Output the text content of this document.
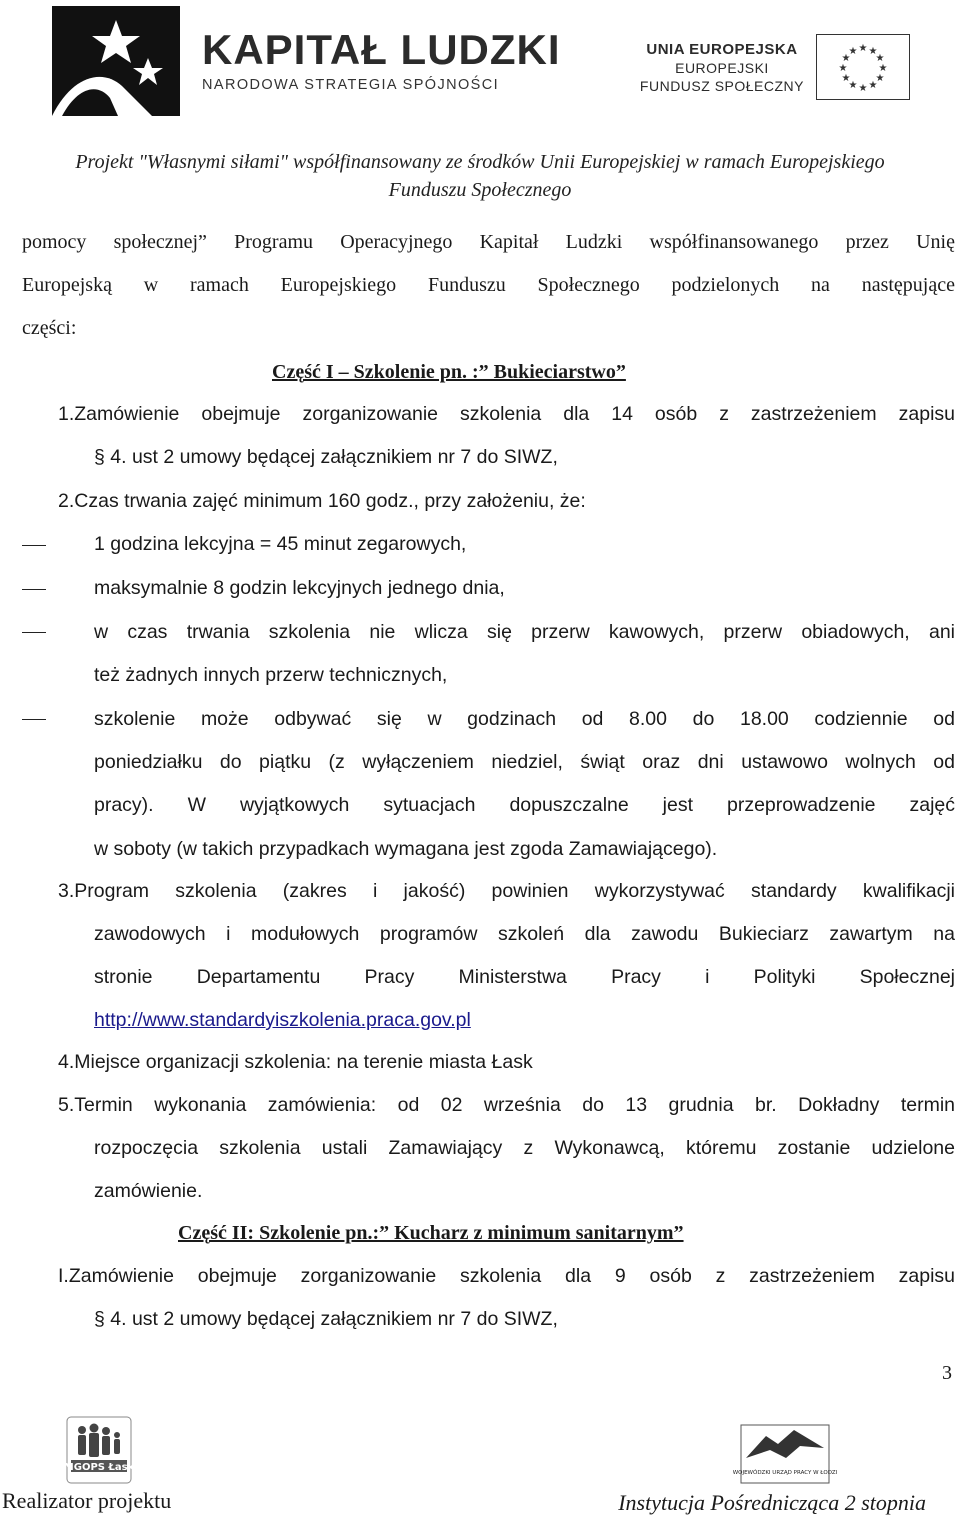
KAPITAŁ LUDZKI
NARODOWA STRATEGIA SPÓJNOŚCI
UNIA EUROPEJSKA
EUROPEJSKI
FUNDUSZ SPOŁECZNY
★ ★
★
★
★
★
★
★
★
★
★
★
Projekt "Własnymi siłami" współfinansowany ze środków Unii Europejskiej w ramach Europejskiego
Funduszu Społecznego
pomocy społecznej” Programu Operacyjnego Kapitał Ludzki współfinansowanego przez Unię
Europejską w ramach Europejskiego Funduszu Społecznego podzielonych na następujące
części:
Część I – Szkolenie pn. :” Bukieciarstwo”
1.Zamówienie obejmuje zorganizowanie szkolenia dla 14 osób z zastrzeżeniem zapisu
§ 4. ust 2 umowy będącej załącznikiem nr 7 do SIWZ,
2.Czas trwania zajęć minimum 160 godz., przy założeniu, że:
1 godzina lekcyjna = 45 minut zegarowych,
maksymalnie 8 godzin lekcyjnych jednego dnia,
w czas trwania szkolenia nie wlicza się przerw kawowych, przerw obiadowych, ani
też żadnych innych przerw technicznych,
szkolenie może odbywać się w godzinach od 8.00 do 18.00 codziennie od
poniedziałku do piątku (z wyłączeniem niedziel, świąt oraz dni ustawowo wolnych od
pracy). W wyjątkowych sytuacjach dopuszczalne jest przeprowadzenie zajęć
w soboty (w takich przypadkach wymagana jest zgoda Zamawiającego).
3.Program szkolenia (zakres i jakość) powinien wykorzystywać standardy kwalifikacji
zawodowych i modułowych programów szkoleń dla zawodu Bukieciarz zawartym na
stronie Departamentu Pracy Ministerstwa Pracy i Polityki Społecznej
http://www.standardyiszkolenia.praca.gov.pl
4.Miejsce organizacji szkolenia: na terenie miasta Łask
5.Termin wykonania zamówienia: od 02 września do 13 grudnia br. Dokładny termin
rozpoczęcia szkolenia ustali Zamawiający z Wykonawcą, któremu zostanie udzielone
zamówienie.
Część II: Szkolenie pn.:” Kucharz z minimum sanitarnym”
I.Zamówienie obejmuje zorganizowanie szkolenia dla 9 osób z zastrzeżeniem zapisu
§ 4. ust 2 umowy będącej załącznikiem nr 7 do SIWZ,
3
MGOPS Łask	WOJEWÓDZKI URZĄD PRACY W ŁODZI
Realizator projektu	Instytucja Pośrednicząca 2 stopnia
